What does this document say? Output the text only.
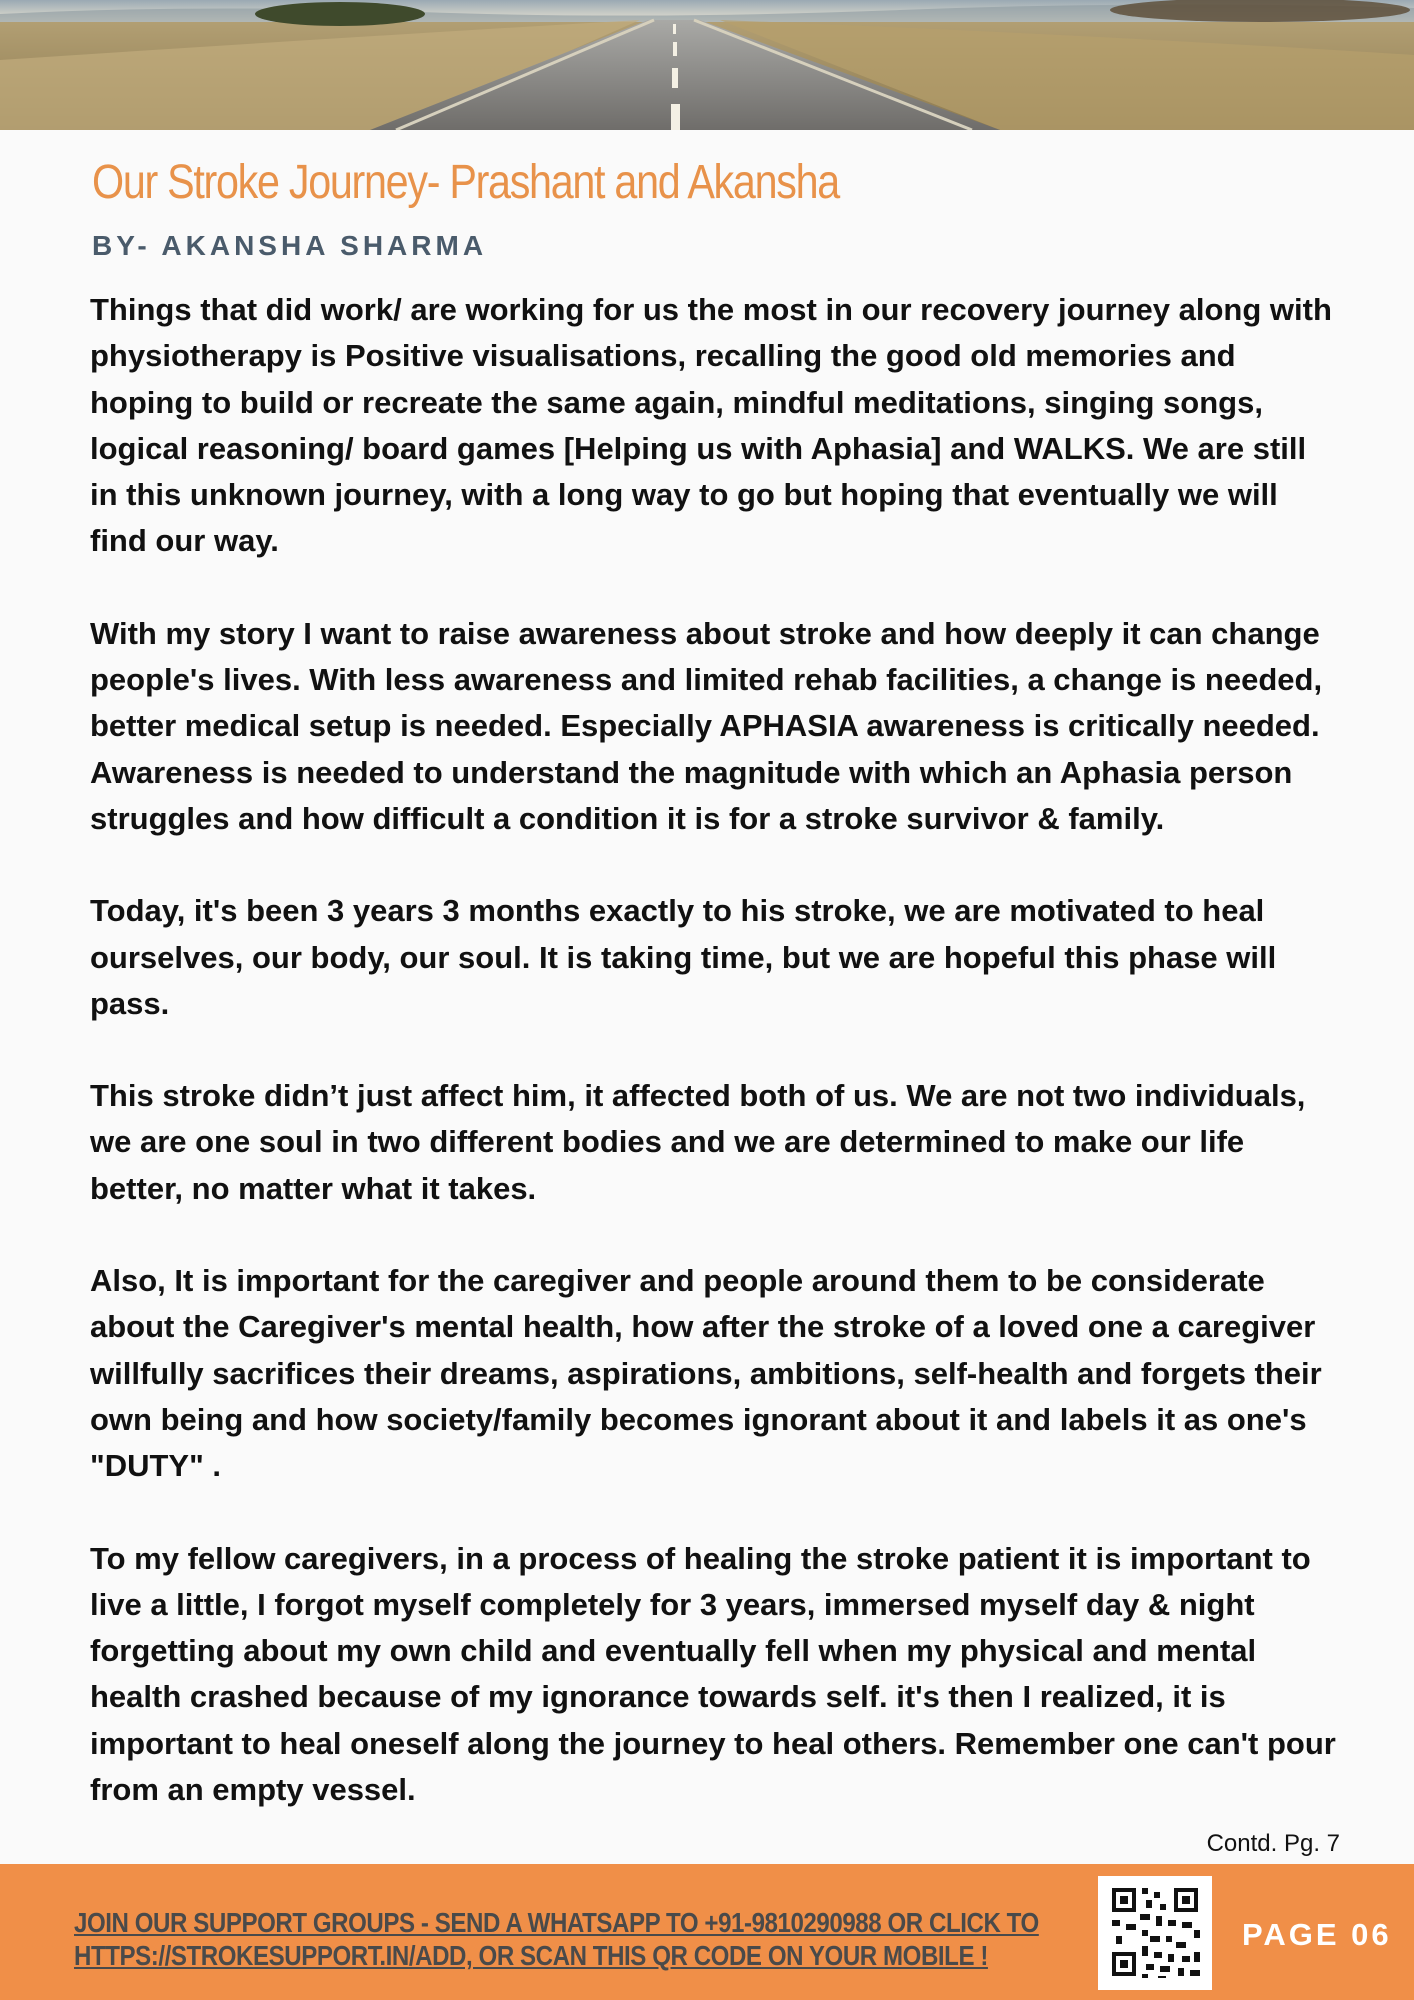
Our Stroke Journey- Prashant and Akansha
BY- AKANSHA SHARMA

Things that did work/ are working for us the most in our recovery journey along with physiotherapy is Positive visualisations, recalling the good old memories and hoping to build or recreate the same again, mindful meditations, singing songs, logical reasoning/ board games [Helping us with Aphasia] and WALKS. We are still in this unknown journey, with a long way to go but hoping that eventually we will find our way.

With my story I want to raise awareness about stroke and how deeply it can change people's lives. With less awareness and limited rehab facilities, a change is needed, better medical setup is needed. Especially APHASIA awareness is critically needed. Awareness is needed to understand the magnitude with which an Aphasia person struggles and how difficult a condition it is for a stroke survivor & family.

Today, it's been 3 years 3 months exactly to his stroke, we are motivated to heal ourselves, our body, our soul. It is taking time, but we are hopeful this phase will pass.

This stroke didn’t just affect him, it affected both of us. We are not two individuals, we are one soul in two different bodies and we are determined to make our life better, no matter what it takes.

Also, It is important for the caregiver and people around them to be considerate about the Caregiver's mental health, how after the stroke of a loved one a caregiver willfully sacrifices their dreams, aspirations, ambitions, self-health and forgets their own being and how society/family becomes ignorant about it and labels it as one's "DUTY" .

To my fellow caregivers, in a process of healing the stroke patient it is important to live a little, I forgot myself completely for 3 years, immersed myself day & night forgetting about my own child and eventually fell when my physical and mental health crashed because of my ignorance towards self. it's then I realized, it is important to heal oneself along the journey to heal others. Remember one can't pour from an empty vessel.

Contd. Pg. 7
JOIN OUR SUPPORT GROUPS - SEND A WHATSAPP TO +91-9810290988 OR CLICK TO
HTTPS://STROKESUPPORT.IN/ADD, OR SCAN THIS QR CODE ON YOUR MOBILE !
PAGE 06
